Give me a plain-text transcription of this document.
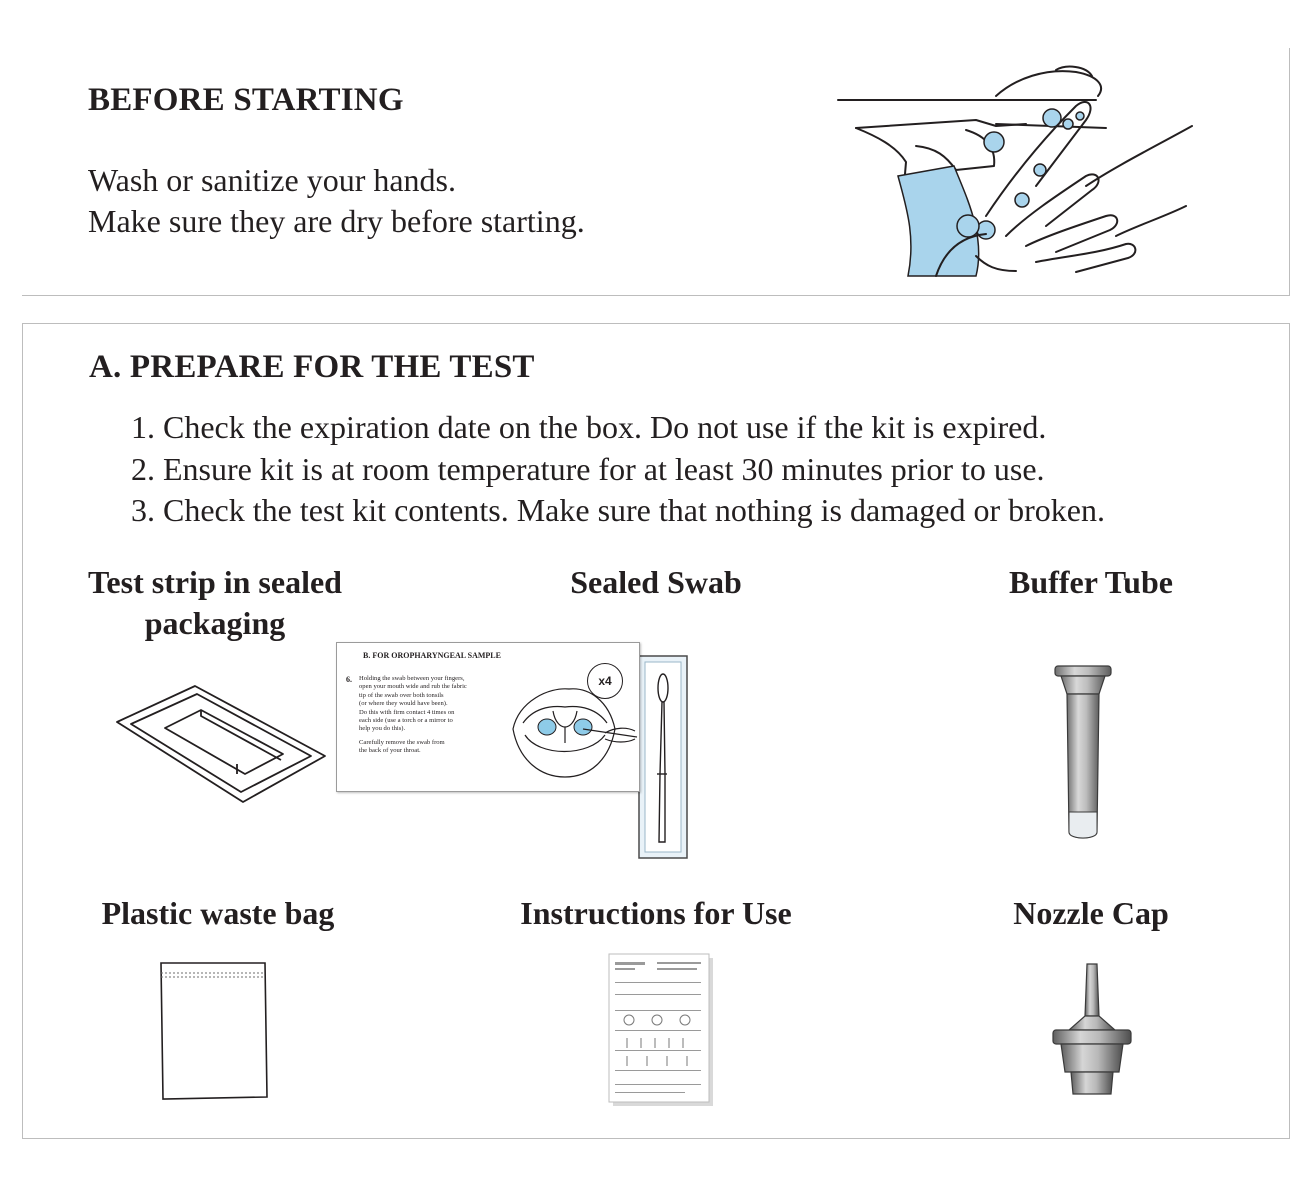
BEFORE STARTING
Wash or sanitize your hands.
Make sure they are dry before starting.
A. PREPARE FOR THE TEST
1. Check the expiration date on the box. Do not use if the kit is expired.
2. Ensure kit is at room temperature for at least 30 minutes prior to use.
3. Check the test kit contents. Make sure that nothing is damaged or broken.
Test strip in sealed
packaging
Sealed Swab	Buffer Tube
Plastic waste bag	Instructions for Use	Nozzle Cap
B. FOR OROPHARYNGEAL SAMPLE
6. Holding the swab between your fingers,
open your mouth wide and rub the fabric
tip of the swab over both tonsils
(or where they would have been).
Do this with firm contact 4 times on
each side (use a torch or a mirror to
help you do this).
Carefully remove the swab from
the back of your throat.
x4
